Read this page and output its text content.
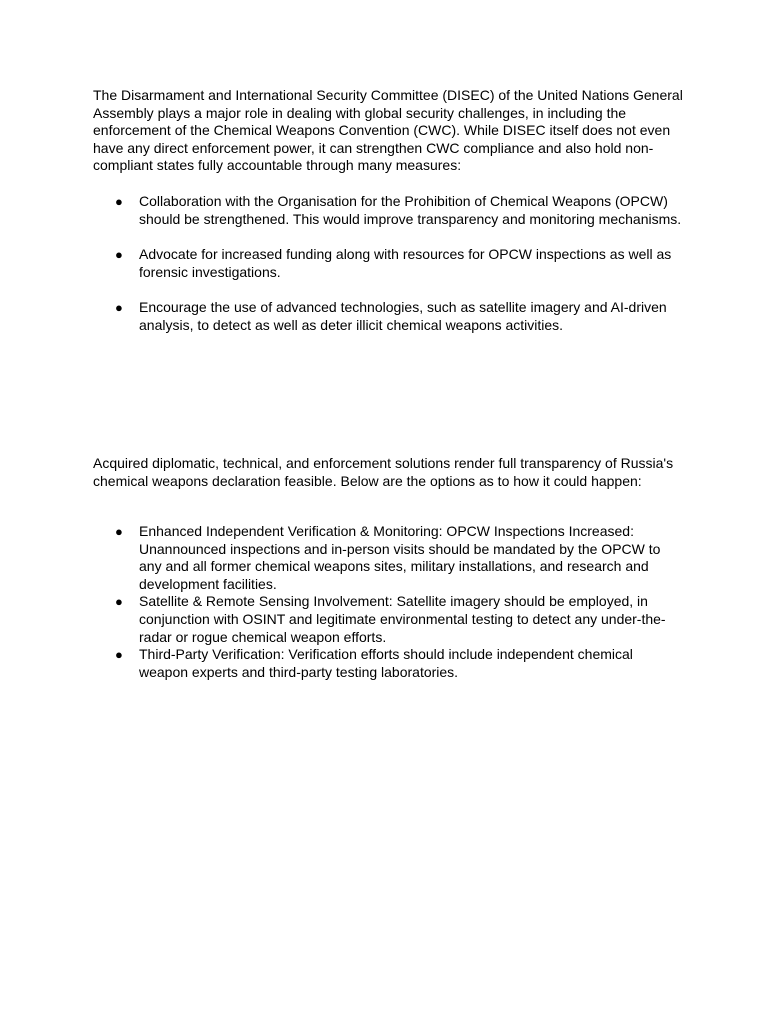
The Disarmament and International Security Committee (DISEC) of the United Nations General Assembly plays a major role in dealing with global security challenges, in including the enforcement of the Chemical Weapons Convention (CWC). While DISEC itself does not even have any direct enforcement power, it can strengthen CWC compliance and also hold non-compliant states fully accountable through many measures:

● Collaboration with the Organisation for the Prohibition of Chemical Weapons (OPCW) should be strengthened. This would improve transparency and monitoring mechanisms.
● Advocate for increased funding along with resources for OPCW inspections as well as forensic investigations.
● Encourage the use of advanced technologies, such as satellite imagery and AI-driven analysis, to detect as well as deter illicit chemical weapons activities.

Acquired diplomatic, technical, and enforcement solutions render full transparency of Russia's chemical weapons declaration feasible. Below are the options as to how it could happen:

● Enhanced Independent Verification & Monitoring: OPCW Inspections Increased: Unannounced inspections and in-person visits should be mandated by the OPCW to any and all former chemical weapons sites, military installations, and research and development facilities.
● Satellite & Remote Sensing Involvement: Satellite imagery should be employed, in conjunction with OSINT and legitimate environmental testing to detect any under-the-radar or rogue chemical weapon efforts.
● Third-Party Verification: Verification efforts should include independent chemical weapon experts and third-party testing laboratories.
